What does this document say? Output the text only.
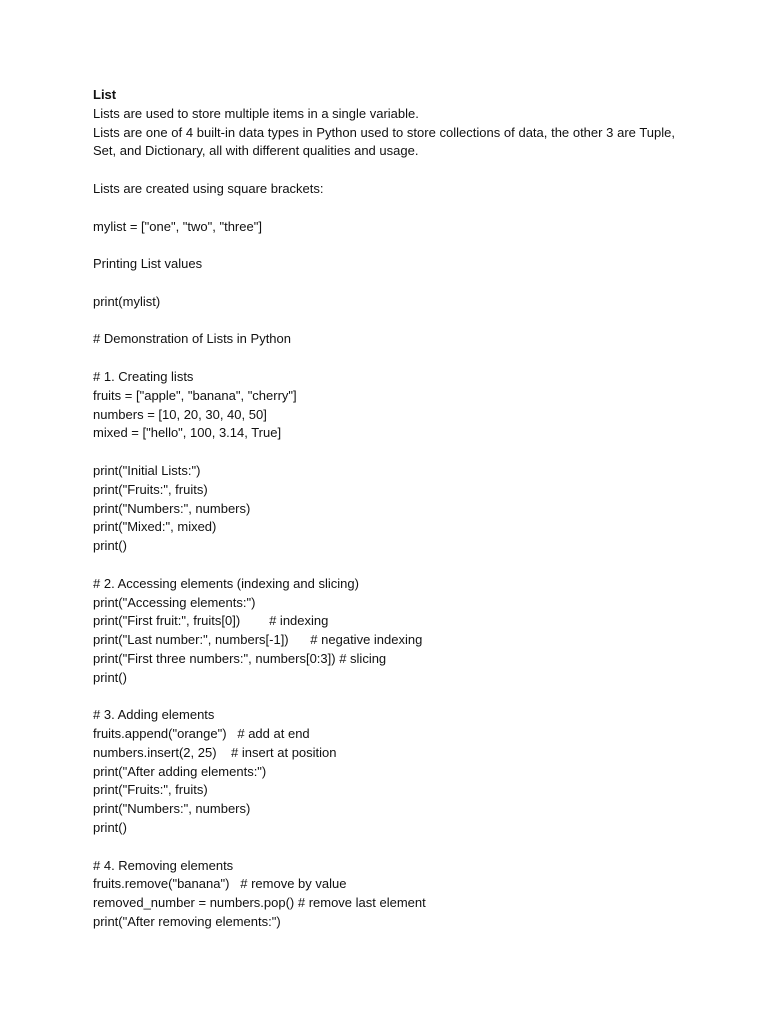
List
Lists are used to store multiple items in a single variable.
Lists are one of 4 built-in data types in Python used to store collections of data, the other 3 are Tuple, Set, and Dictionary, all with different qualities and usage.
Lists are created using square brackets:
mylist = ["one", "two", "three"]
Printing List values
print(mylist)
# Demonstration of Lists in Python
# 1. Creating lists
fruits = ["apple", "banana", "cherry"]
numbers = [10, 20, 30, 40, 50]
mixed = ["hello", 100, 3.14, True]
print("Initial Lists:")
print("Fruits:", fruits)
print("Numbers:", numbers)
print("Mixed:", mixed)
print()
# 2. Accessing elements (indexing and slicing)
print("Accessing elements:")
print("First fruit:", fruits[0])        # indexing
print("Last number:", numbers[-1])      # negative indexing
print("First three numbers:", numbers[0:3]) # slicing
print()
# 3. Adding elements
fruits.append("orange")   # add at end
numbers.insert(2, 25)    # insert at position
print("After adding elements:")
print("Fruits:", fruits)
print("Numbers:", numbers)
print()
# 4. Removing elements
fruits.remove("banana")   # remove by value
removed_number = numbers.pop() # remove last element
print("After removing elements:")
